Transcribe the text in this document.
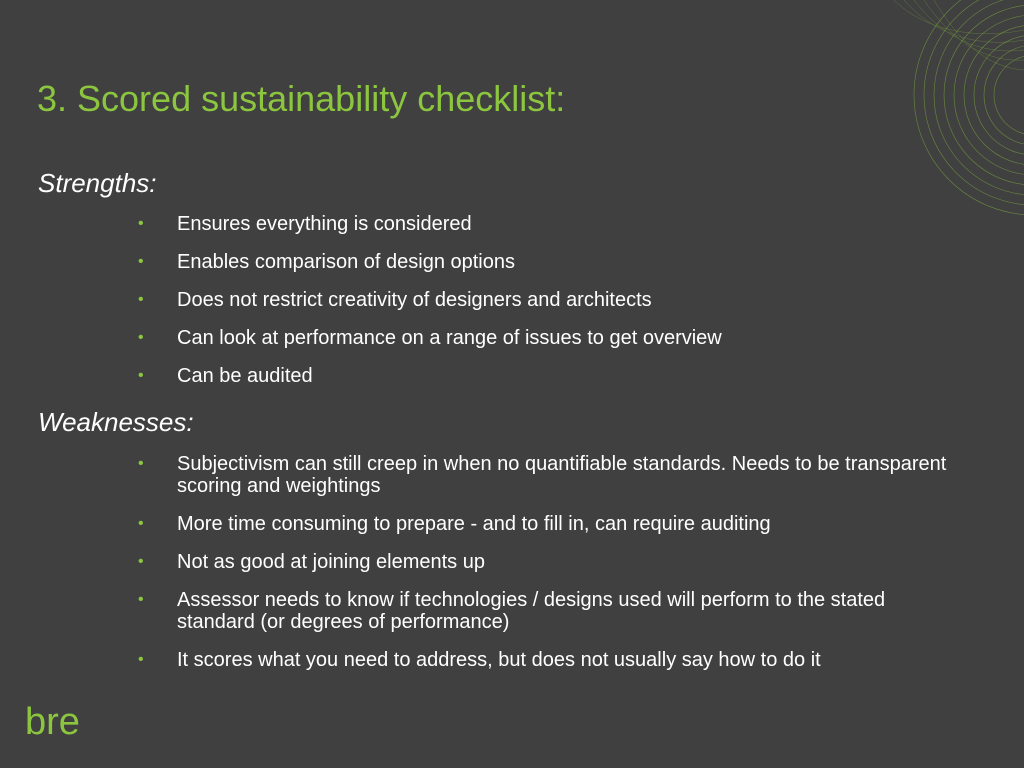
3. Scored sustainability checklist:
Strengths:
• Ensures everything is considered
• Enables comparison of design options
• Does not restrict creativity of designers and architects
• Can look at performance on a range of issues to get overview
• Can be audited
Weaknesses:
• Subjectivism can still creep in when no quantifiable standards. Needs to be transparent scoring and weightings
• More time consuming to prepare - and to fill in, can require auditing
• Not as good at joining elements up
• Assessor needs to know if technologies / designs used will perform to the stated standard (or degrees of performance)
• It scores what you need to address, but does not usually say how to do it
bre
